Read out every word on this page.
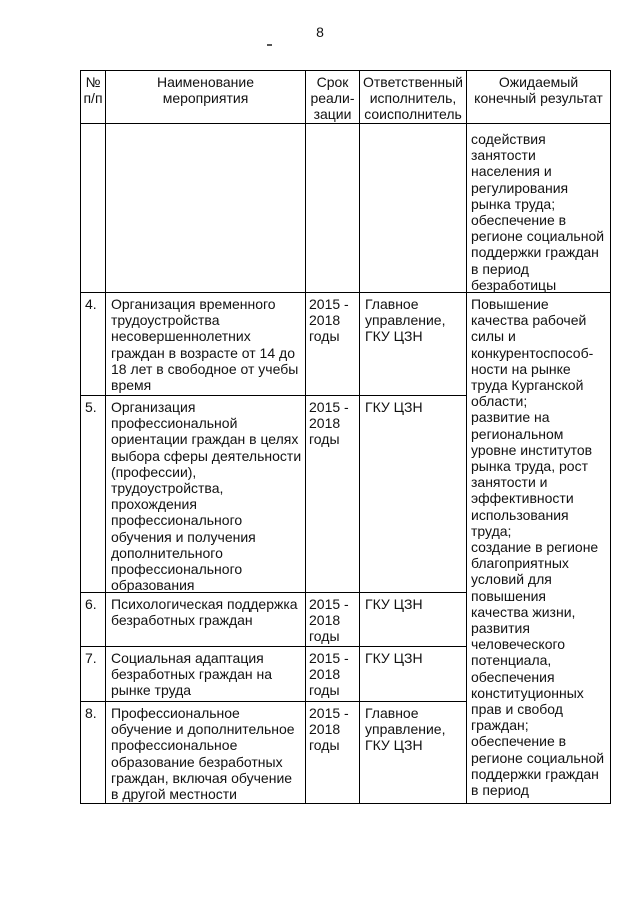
8
№
п/п
Наименование
мероприятия
Срок
реали-
зации
Ответственный
исполнитель,
соисполнитель
Ожидаемый
конечный результат
содействия
занятости
населения и
регулирования
рынка труда;
обеспечение в
регионе социальной
поддержки граждан
в период
безработицы
4. Организация временного
трудоустройства
несовершеннолетних
граждан в возрасте от 14 до
18 лет в свободное от учебы
время
2015 -
2018
годы
Главное
управление,
ГКУ ЦЗН
5. Организация
профессиональной
ориентации граждан в целях
выбора сферы деятельности
(профессии),
трудоустройства,
прохождения
профессионального
обучения и получения
дополнительного
профессионального
образования
2015 -
2018
годы
ГКУ ЦЗН
6. Психологическая поддержка
безработных граждан
2015 -
2018
годы
ГКУ ЦЗН
7. Социальная адаптация
безработных граждан на
рынке труда
2015 -
2018
годы
ГКУ ЦЗН
8. Профессиональное
обучение и дополнительное
профессиональное
образование безработных
граждан, включая обучение
в другой местности
2015 -
2018
годы
Главное
управление,
ГКУ ЦЗН
Повышение
качества рабочей
силы и
конкурентоспособ-
ности на рынке
труда Курганской
области;
развитие на
региональном
уровне институтов
рынка труда, рост
занятости и
эффективности
использования
труда;
создание в регионе
благоприятных
условий для
повышения
качества жизни,
развития
человеческого
потенциала,
обеспечения
конституционных
прав и свобод
граждан;
обеспечение в
регионе социальной
поддержки граждан
в период
